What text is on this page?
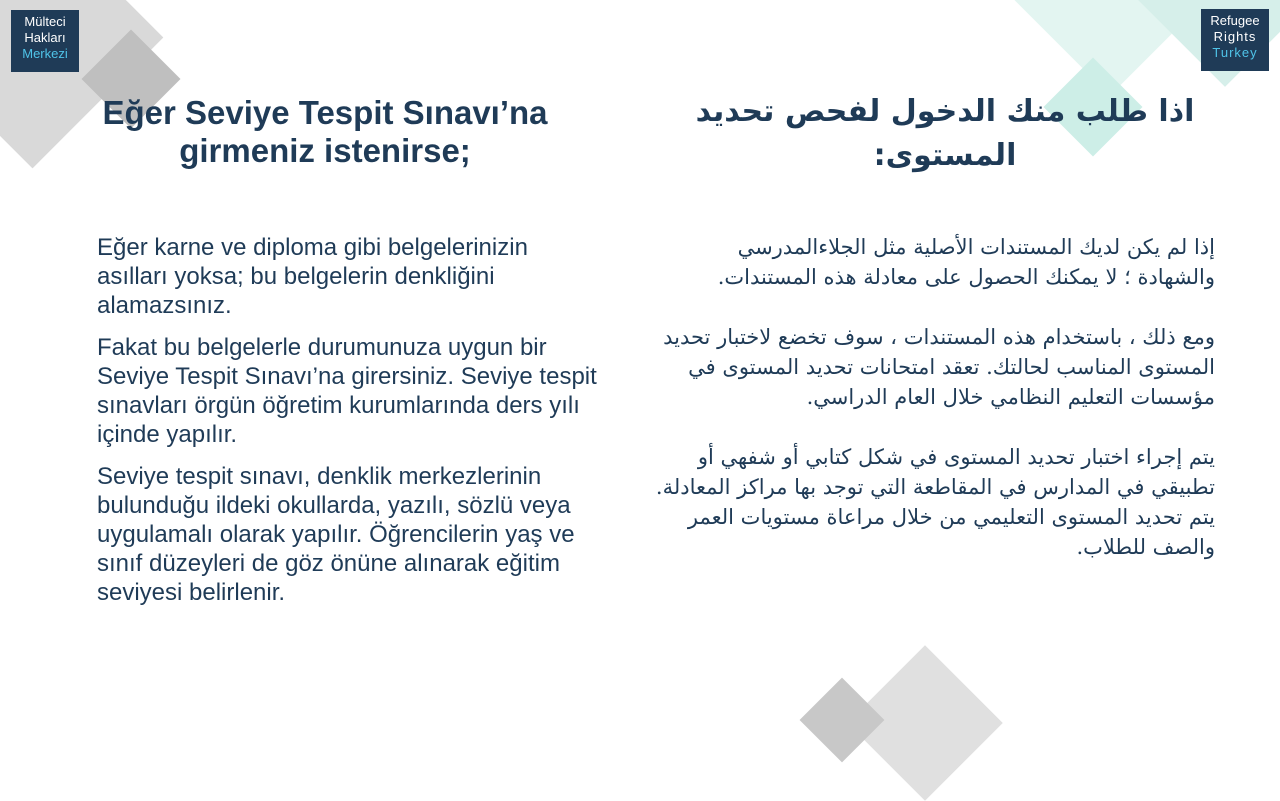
Mülteci
Hakları
Merkezi
Refugee
Rights
Turkey
Eğer Seviye Tespit Sınavı’na girmeniz istenirse;
اذا طلب منك الدخول لفحص تحديد المستوى:

Eğer karne ve diploma gibi belgelerinizin asılları yoksa; bu belgelerin denkliğini alamazsınız.

Fakat bu belgelerle durumunuza uygun bir Seviye Tespit Sınavı’na girersiniz. Seviye tespit sınavları örgün öğretim kurumlarında ders yılı içinde yapılır.

Seviye tespit sınavı, denklik merkezlerinin bulunduğu ildeki okullarda, yazılı, sözlü veya uygulamalı olarak yapılır. Öğrencilerin yaş ve sınıf düzeyleri de göz önüne alınarak eğitim seviyesi belirlenir.

إذا لم يكن لديك المستندات الأصلية مثل الجلاءالمدرسي والشهادة ؛ لا يمكنك الحصول على معادلة هذه المستندات.

ومع ذلك ، باستخدام هذه المستندات ، سوف تخضع لاختبار تحديد المستوى المناسب لحالتك. تعقد امتحانات تحديد المستوى في مؤسسات التعليم النظامي خلال العام الدراسي.

يتم إجراء اختبار تحديد المستوى في شكل كتابي أو شفهي أو تطبيقي في المدارس في المقاطعة التي توجد بها مراكز المعادلة. يتم تحديد المستوى التعليمي من خلال مراعاة مستويات العمر والصف للطلاب.
